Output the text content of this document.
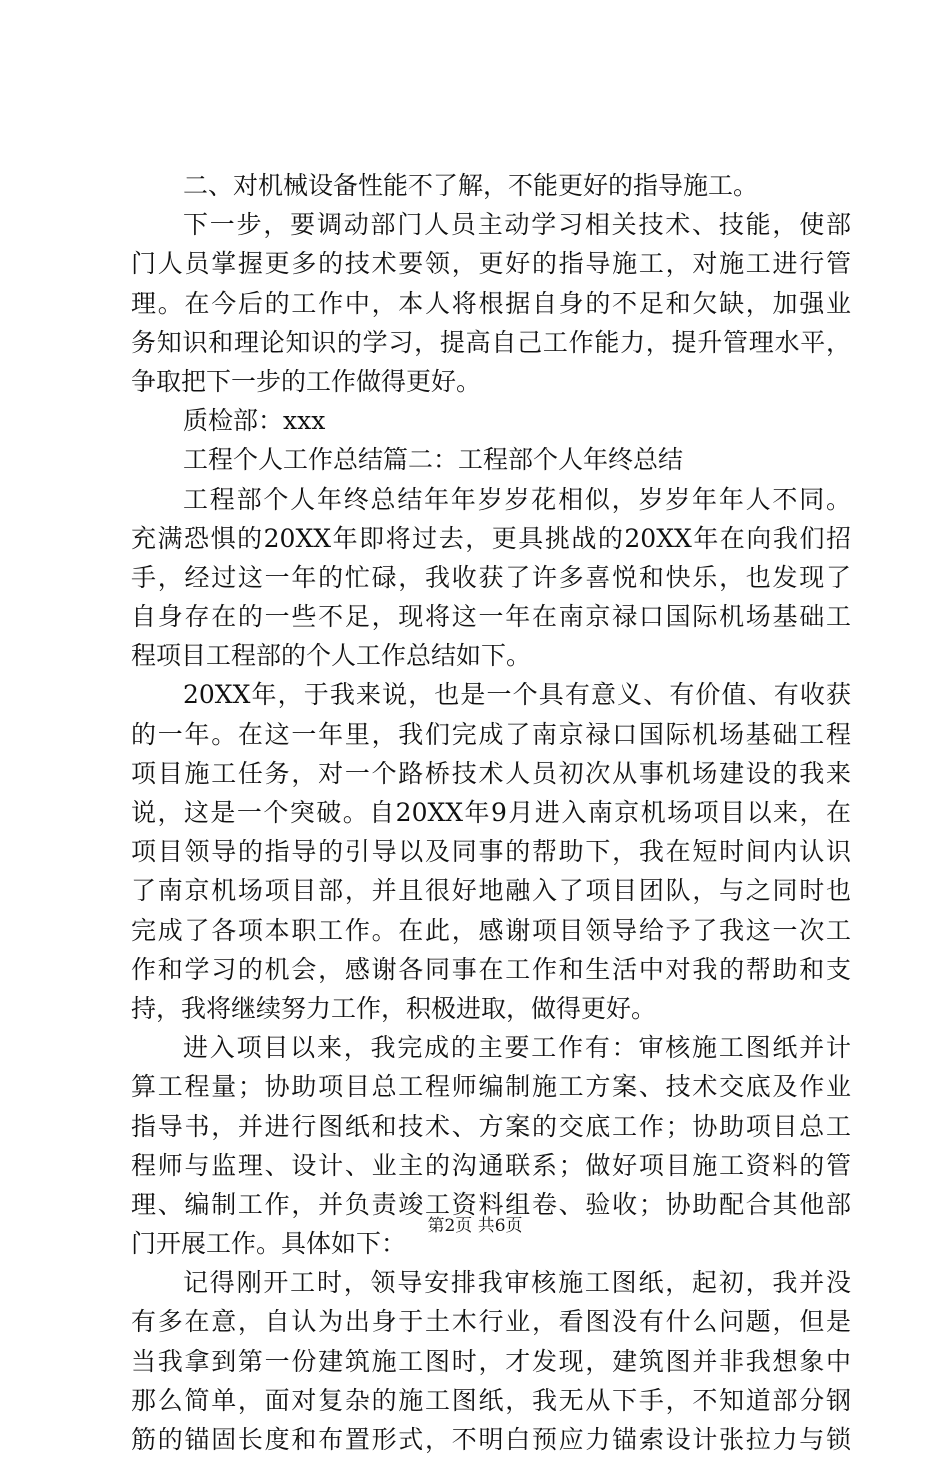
二、对机械设备性能不了解，不能更好的指导施工。
下一步，要调动部门人员主动学习相关技术、技能，使部
门人员掌握更多的技术要领，更好的指导施工，对施工进行管
理。在今后的工作中，本人将根据自身的不足和欠缺，加强业
务知识和理论知识的学习，提高自己工作能力，提升管理水平，
争取把下一步的工作做得更好。
质检部：xxx
工程个人工作总结篇二：工程部个人年终总结
工程部个人年终总结年年岁岁花相似，岁岁年年人不同。
充满恐惧的20XX年即将过去，更具挑战的20XX年在向我们招
手，经过这一年的忙碌，我收获了许多喜悦和快乐，也发现了
自身存在的一些不足，现将这一年在南京禄口国际机场基础工
程项目工程部的个人工作总结如下。
20XX年，于我来说，也是一个具有意义、有价值、有收获
的一年。在这一年里，我们完成了南京禄口国际机场基础工程
项目施工任务，对一个路桥技术人员初次从事机场建设的我来
说，这是一个突破。自20XX年9月进入南京机场项目以来，在
项目领导的指导的引导以及同事的帮助下，我在短时间内认识
了南京机场项目部，并且很好地融入了项目团队，与之同时也
完成了各项本职工作。在此，感谢项目领导给予了我这一次工
作和学习的机会，感谢各同事在工作和生活中对我的帮助和支
持，我将继续努力工作，积极进取，做得更好。
进入项目以来，我完成的主要工作有：审核施工图纸并计
算工程量；协助项目总工程师编制施工方案、技术交底及作业
指导书，并进行图纸和技术、方案的交底工作；协助项目总工
程师与监理、设计、业主的沟通联系；做好项目施工资料的管
理、编制工作，并负责竣工资料组卷、验收；协助配合其他部
门开展工作。具体如下：
记得刚开工时，领导安排我审核施工图纸，起初，我并没
有多在意，自认为出身于土木行业，看图没有什么问题，但是
当我拿到第一份建筑施工图时，才发现，建筑图并非我想象中
那么简单，面对复杂的施工图纸，我无从下手，不知道部分钢
筋的锚固长度和布置形式，不明白预应力锚索设计张拉力与锁
第2页 共6页
